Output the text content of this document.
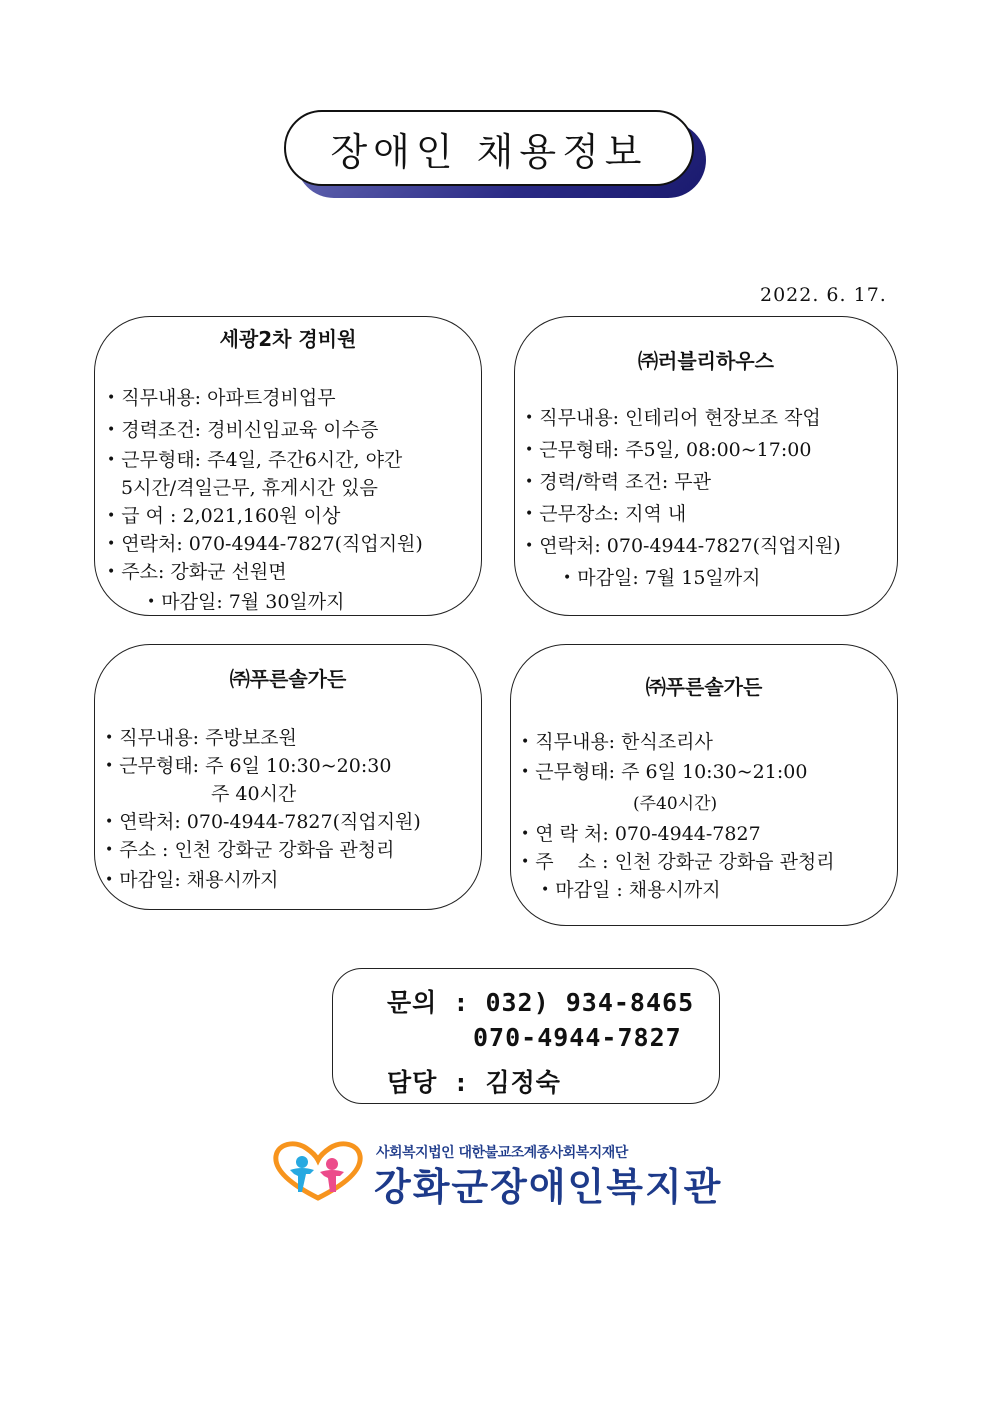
장애인 채용정보
2022. 6. 17.
세광2차 경비원
• 직무내용: 아파트경비업무
• 경력조건: 경비신임교육 이수증
• 근무형태: 주4일, 주간6시간, 야간
5시간/격일근무, 휴게시간 있음
• 급 여 : 2,021,160원 이상
• 연락처: 070-4944-7827(직업지원)
• 주소: 강화군 선원면
• 마감일: 7월 30일까지
㈜러블리하우스
• 직무내용: 인테리어 현장보조 작업
• 근무형태: 주5일, 08:00~17:00
• 경력/학력 조건: 무관
• 근무장소: 지역 내
• 연락처: 070-4944-7827(직업지원)
• 마감일: 7월 15일까지
㈜푸른솔가든
• 직무내용: 주방보조원
• 근무형태: 주 6일 10:30~20:30
주 40시간
• 연락처: 070-4944-7827(직업지원)
• 주소 : 인천 강화군 강화읍 관청리
• 마감일: 채용시까지
㈜푸른솔가든
• 직무내용: 한식조리사
• 근무형태: 주 6일 10:30~21:00
(주40시간)
• 연 락 처: 070-4944-7827
• 주    소 : 인천 강화군 강화읍 관청리
• 마감일 : 채용시까지
문의 : 032) 934-8465
070-4944-7827
담당 : 김정숙
사회복지법인 대한불교조계종사회복지재단
강화군장애인복지관
